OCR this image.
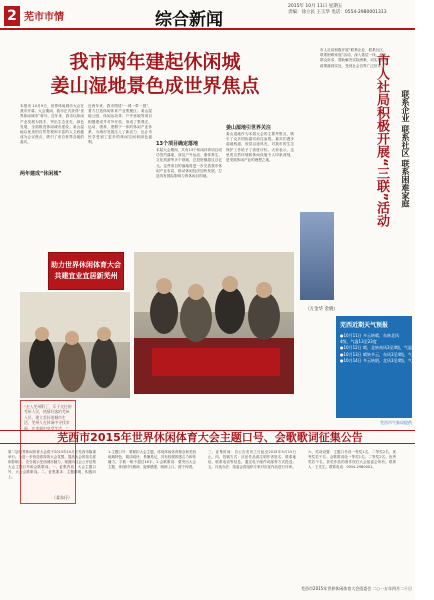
2 芜市市情	综合新闻
2015年 10月 11日 星期五
责编：徐立民 王玉华 电话：0554-2980001313
我市两年建起休闲城
姜山湿地景色成世界焦点
本报讯 10月9日，世界休闲城市大会在我市开幕。大会期间，我市正式获得“世界休闲城市”称号。近年来，我市以休闲产业发展为抓手，突出生态优先、绿色发展，全面推进休闲城市建设。姜山湿地以优美的自然景观和丰富的人文底蕴成为会议焦点，吸引了来自世界各地的嘉宾。
两年建成“休闲城”
近两年来，我市围绕“一城一带一园”，着力打造休闲体育产业集聚区。姜山湿地公园、休闲运动带、户外营地等项目相继建成并对外开放，形成了集观光、运动、康养、度假于一体的休闲产业体系，为城市发展注入了新活力，也让市民享受到了更多的休闲空间和绿色福利。	13个项目确定落地
本届大会期间，共有13个休闲体育项目成功签约落地，涉及户外运动、康体养生、文化旅游等多个领域，总投资额超过百亿元。这些项目的落地将进一步完善我市休闲产业布局，推动休闲经济加快发展，打造具有国际影响力的休闲目的地。
姜山湿地引世界关注
姜山湿地作为本届大会的主要考察点，吸引了众多国际嘉宾前往参观。嘉宾们漫步湿地栈道，欣赏沿途风光，对我市的生态保护工作给予了高度评价。大家表示，这里的自然环境和休闲设施令人印象深刻，是发展休闲产业的理想之地。
助力世界休闲体育大会
共建宜业宜居新芜州
“走入芜州附了，乐于交往的芜州人民，热情好客的芜州人民，建立美好的城市生活，芜州人在休闲中寻找幸福，在幸福中享受生活。”
（姜东仔）
市人社局积极开展“联系企业、联系社区、联系困难家庭”活动，深入基层一线，倾听群众诉求，帮助解决实际困难，切实把惠民政策落到实处，受到社会各界广泛好评。
市人社局积极开展“三联”活动	联系企业 联系社区 联系困难家庭
（万金华 金晓）
芜西近期天气预报
●10月11日 多云转晴，东转北风
4级，气温13至23度
●10月12日 晴，北转南风3至4级，气温12至24度
●10月13日 晴转多云，东风3至4级，气温14至26度
●10月14日 多云转阴，北风3至4级，气温15至27度
芜西市气象局提供
芜西市2015年世界休闲体育大会主题口号、会歌歌词征集公告
第二届世界休闲体育大会将于2015年10月在芜西市隆重举行。为进一步营造浓厚的大会氛围，提高大会的知名度和影响力，充分展示芜西城市魅力，现面向社会公开征集大会主题口号和会歌歌词。一、征集内容：大会主题口号、大会会歌歌词。二、征集要求：主题鲜明，积极向上。
1.主题口号：要紧扣大会主题，体现休闲体育理念和芜西地域特色，简洁明快，易懂易记，具有较强的感召力和传播力，字数一般不超过16字。2.会歌歌词：要突出大会主题，体现时代精神，旋律感强，朗朗上口，便于传唱。
三、征集时间：自公告发布之日起至2015年5月15日止。四、投稿方式：应征作品请注明作者姓名、联系地址、联系电话等信息，通过电子邮件或邮寄方式投送。五、评选办法：组委会将组织专家对应征作品进行评审。
六、奖项设置：主题口号设一等奖1名、二等奖2名、优秀奖若干名；会歌歌词设一等奖1名、二等奖2名、优秀奖若干名。获奖作品的著作权归大会组委会所有。联系人：王先生。联系电话：0554-2980001。
芜西市2015年世界休闲体育大会组委会 二○一五年四月二十日
